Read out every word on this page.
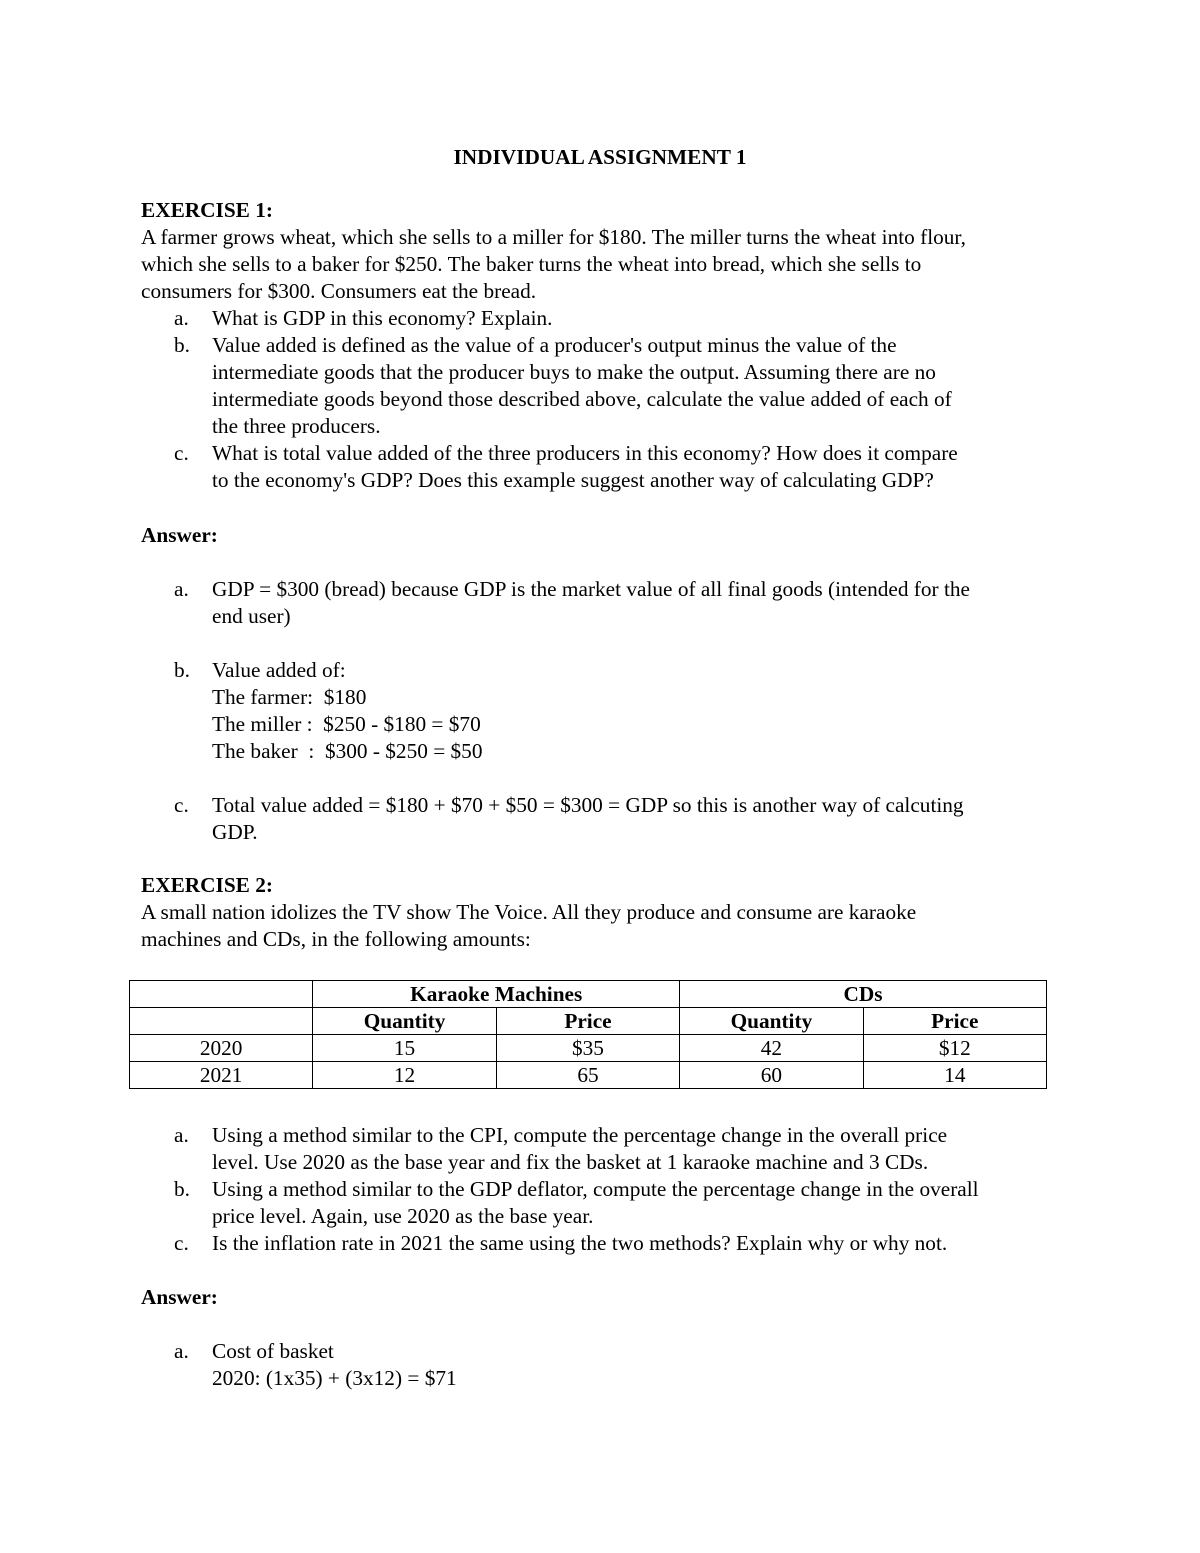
INDIVIDUAL ASSIGNMENT 1
EXERCISE 1:
A farmer grows wheat, which she sells to a miller for $180. The miller turns the wheat into flour,
which she sells to a baker for $250. The baker turns the wheat into bread, which she sells to
consumers for $300. Consumers eat the bread.
a. What is GDP in this economy? Explain.
b. Value added is defined as the value of a producer's output minus the value of the
intermediate goods that the producer buys to make the output. Assuming there are no
intermediate goods beyond those described above, calculate the value added of each of
the three producers.
c. What is total value added of the three producers in this economy? How does it compare
to the economy's GDP? Does this example suggest another way of calculating GDP?
Answer:
a. GDP = $300 (bread) because GDP is the market value of all final goods (intended for the
end user)
b. Value added of:
The farmer:  $180
The miller :  $250 - $180 = $70
The baker  :  $300 - $250 = $50
c. Total value added = $180 + $70 + $50 = $300 = GDP so this is another way of calcuting
GDP.
EXERCISE 2:
A small nation idolizes the TV show The Voice. All they produce and consume are karaoke
machines and CDs, in the following amounts:
	Karaoke Machines		CDs	
	Quantity	Price	Quantity	Price
2020	15	$35	42	$12
2021	12	65	60	14
a. Using a method similar to the CPI, compute the percentage change in the overall price
level. Use 2020 as the base year and fix the basket at 1 karaoke machine and 3 CDs.
b. Using a method similar to the GDP deflator, compute the percentage change in the overall
price level. Again, use 2020 as the base year.
c. Is the inflation rate in 2021 the same using the two methods? Explain why or why not.
Answer:
a. Cost of basket
2020: (1x35) + (3x12) = $71
